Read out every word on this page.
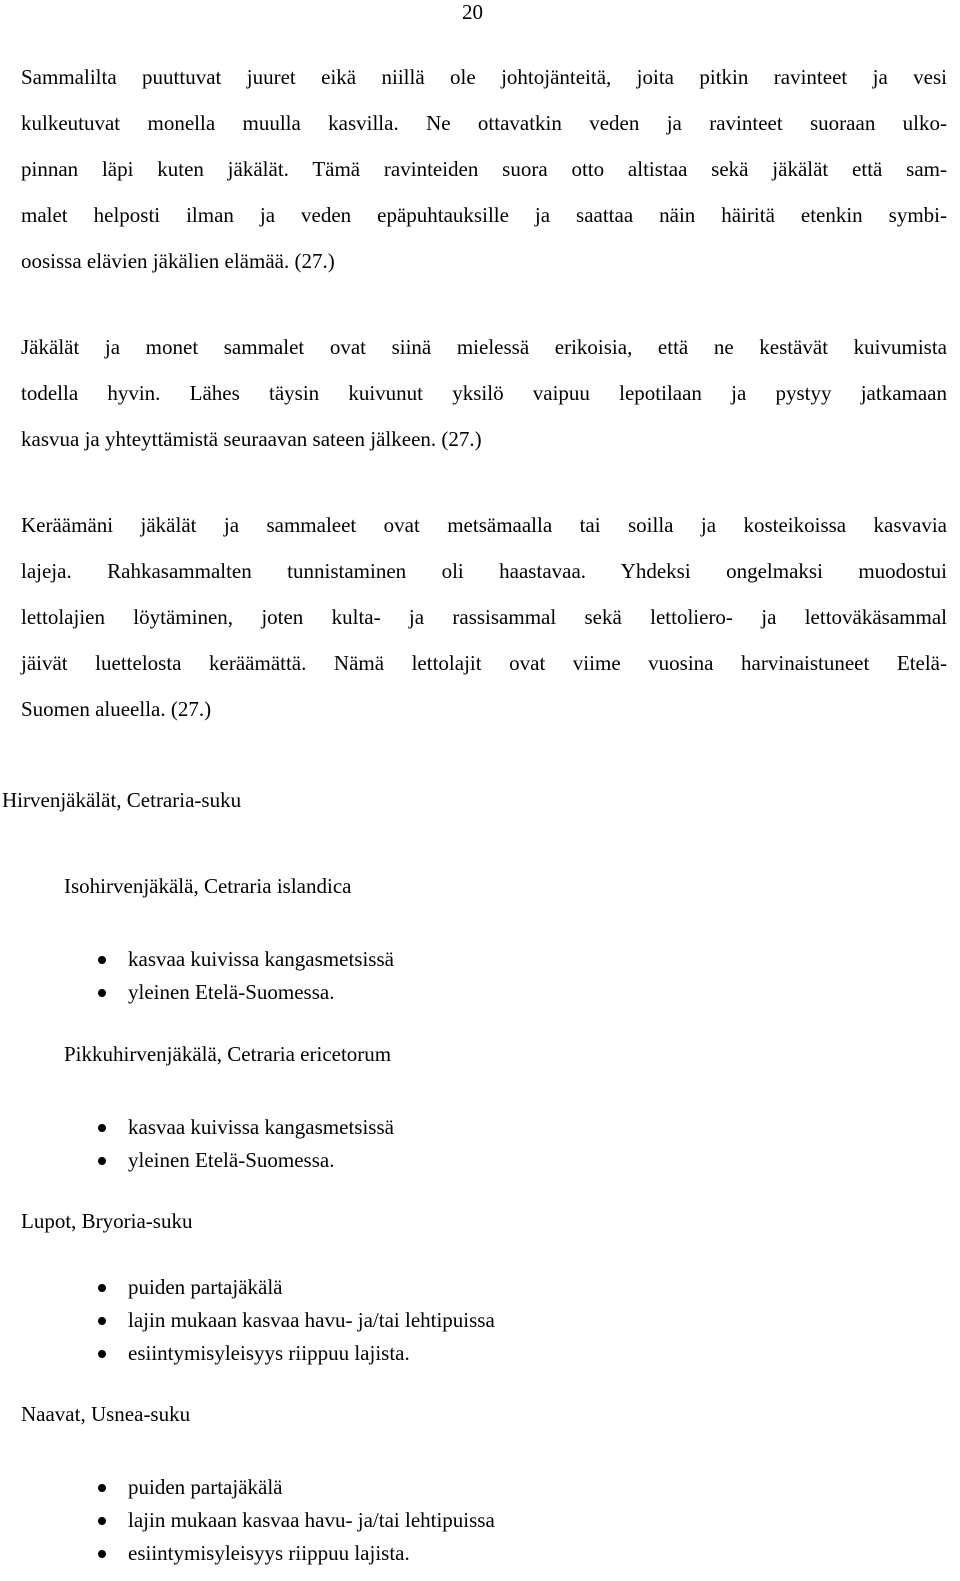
20
Sammalilta puuttuvat juuret eikä niillä ole johtojänteitä, joita pitkin ravinteet ja vesi
kulkeutuvat monella muulla kasvilla. Ne ottavatkin veden ja ravinteet suoraan ulko-
pinnan läpi kuten jäkälät. Tämä ravinteiden suora otto altistaa sekä jäkälät että sam-
malet helposti ilman ja veden epäpuhtauksille ja saattaa näin häiritä etenkin symbi-
oosissa elävien jäkälien elämää. (27.)
Jäkälät ja monet sammalet ovat siinä mielessä erikoisia, että ne kestävät kuivumista
todella hyvin. Lähes täysin kuivunut yksilö vaipuu lepotilaan ja pystyy jatkamaan
kasvua ja yhteyttämistä seuraavan sateen jälkeen. (27.)
Keräämäni jäkälät ja sammaleet ovat metsämaalla tai soilla ja kosteikoissa kasvavia
lajeja. Rahkasammalten tunnistaminen oli haastavaa. Yhdeksi ongelmaksi muodostui
lettolajien löytäminen, joten kulta- ja rassisammal sekä lettoliero- ja lettoväkäsammal
jäivät luettelosta keräämättä. Nämä lettolajit ovat viime vuosina harvinaistuneet Etelä-
Suomen alueella. (27.)
Hirvenjäkälät, Cetraria-suku
Isohirvenjäkälä, Cetraria islandica
kasvaa kuivissa kangasmetsissä
yleinen Etelä-Suomessa.
Pikkuhirvenjäkälä, Cetraria ericetorum
kasvaa kuivissa kangasmetsissä
yleinen Etelä-Suomessa.
Lupot, Bryoria-suku
puiden partajäkälä
lajin mukaan kasvaa havu- ja/tai lehtipuissa
esiintymisyleisyys riippuu lajista.
Naavat, Usnea-suku
puiden partajäkälä
lajin mukaan kasvaa havu- ja/tai lehtipuissa
esiintymisyleisyys riippuu lajista.
